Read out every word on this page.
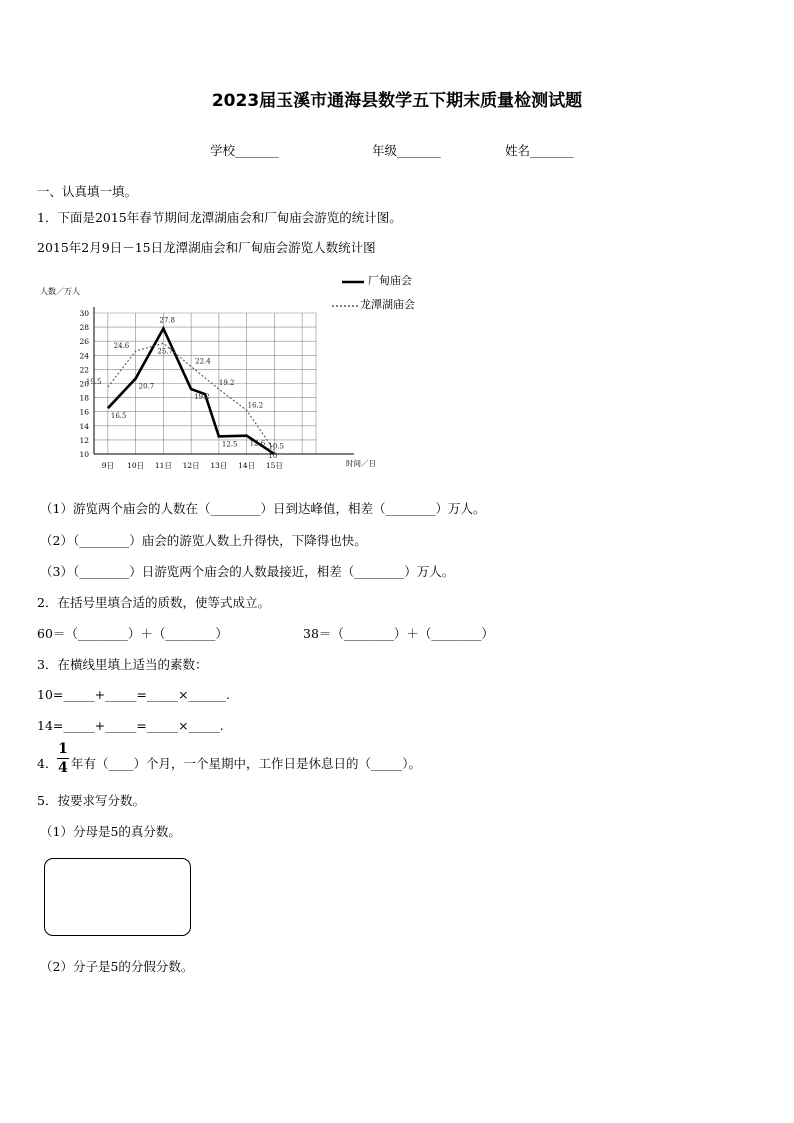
2023届玉溪市通海县数学五下期末质量检测试题
学校_______	年级_______	姓名_______
一、认真填一填。
1．下面是2015年春节期间龙潭湖庙会和厂甸庙会游览的统计图。
2015年2月9日－15日龙潭湖庙会和厂甸庙会游览人数统计图
10
12
14
16
18
20
22
24
26
28
30
人数／万人
时间／日
9日 10日 11日 12日 13日 14日 15日
16.5
20.7
27.8
19.2
12.5 12.6
10
19.5
24.6
25.7
22.4
19.2
16.2
10.5
厂甸庙会
龙潭湖庙会
（1）游览两个庙会的人数在（________）日到达峰值，相差（________）万人。
（2）（________）庙会的游览人数上升得快，下降得也快。
（3）（________）日游览两个庙会的人数最接近，相差（________）万人。
2．在括号里填合适的质数，使等式成立。
60＝（________）＋（________）	38＝（________）＋（________）
3．在横线里填上适当的素数：
10=_____+_____=_____×______.
14=_____+_____=_____×_____.
4．
1
4 年有（____）个月，一个星期中，工作日是休息日的（_____）。
5．按要求写分数。
（1）分母是5的真分数。
（2）分子是5的分假分数。
